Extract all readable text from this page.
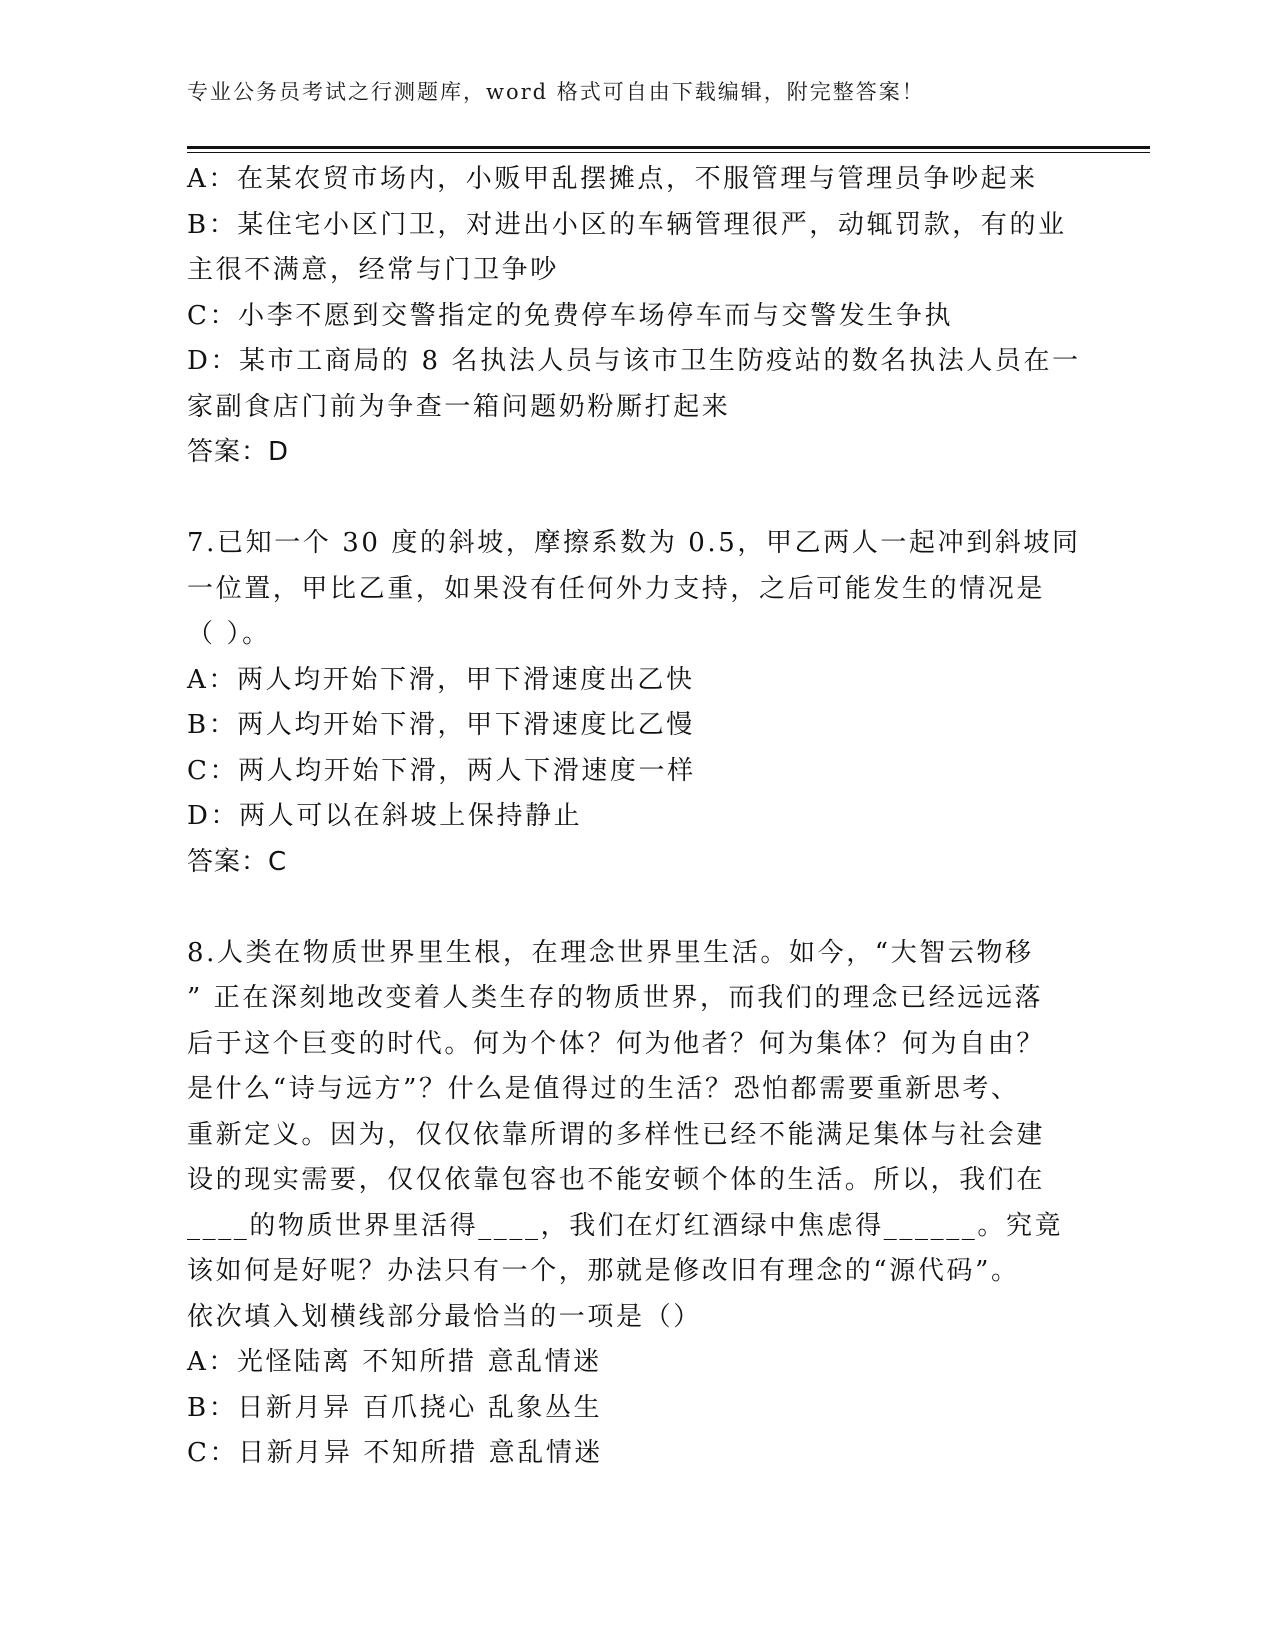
专业公务员考试之行测题库，word 格式可自由下载编辑，附完整答案！
A：在某农贸市场内，小贩甲乱摆摊点，不服管理与管理员争吵起来
B：某住宅小区门卫，对进出小区的车辆管理很严，动辄罚款，有的业
主很不满意，经常与门卫争吵
C：小李不愿到交警指定的免费停车场停车而与交警发生争执
D：某市工商局的 8 名执法人员与该市卫生防疫站的数名执法人员在一
家副食店门前为争查一箱问题奶粉厮打起来
答案：D
7.已知一个 30 度的斜坡，摩擦系数为 0.5，甲乙两人一起冲到斜坡同
一位置，甲比乙重，如果没有任何外力支持，之后可能发生的情况是
（ ）。
A：两人均开始下滑，甲下滑速度出乙快
B：两人均开始下滑，甲下滑速度比乙慢
C：两人均开始下滑，两人下滑速度一样
D：两人可以在斜坡上保持静止
答案：C
8.人类在物质世界里生根，在理念世界里生活。如今，“大智云物移
” 正在深刻地改变着人类生存的物质世界，而我们的理念已经远远落
后于这个巨变的时代。何为个体？何为他者？何为集体？何为自由？
是什么“诗与远方”？什么是值得过的生活？恐怕都需要重新思考、
重新定义。因为，仅仅依靠所谓的多样性已经不能满足集体与社会建
设的现实需要，仅仅依靠包容也不能安顿个体的生活。所以，我们在
____的物质世界里活得____，我们在灯红酒绿中焦虑得______。究竟
该如何是好呢？办法只有一个，那就是修改旧有理念的“源代码”。
依次填入划横线部分最恰当的一项是（）
A：光怪陆离 不知所措 意乱情迷
B：日新月异 百爪挠心 乱象丛生
C：日新月异 不知所措 意乱情迷
